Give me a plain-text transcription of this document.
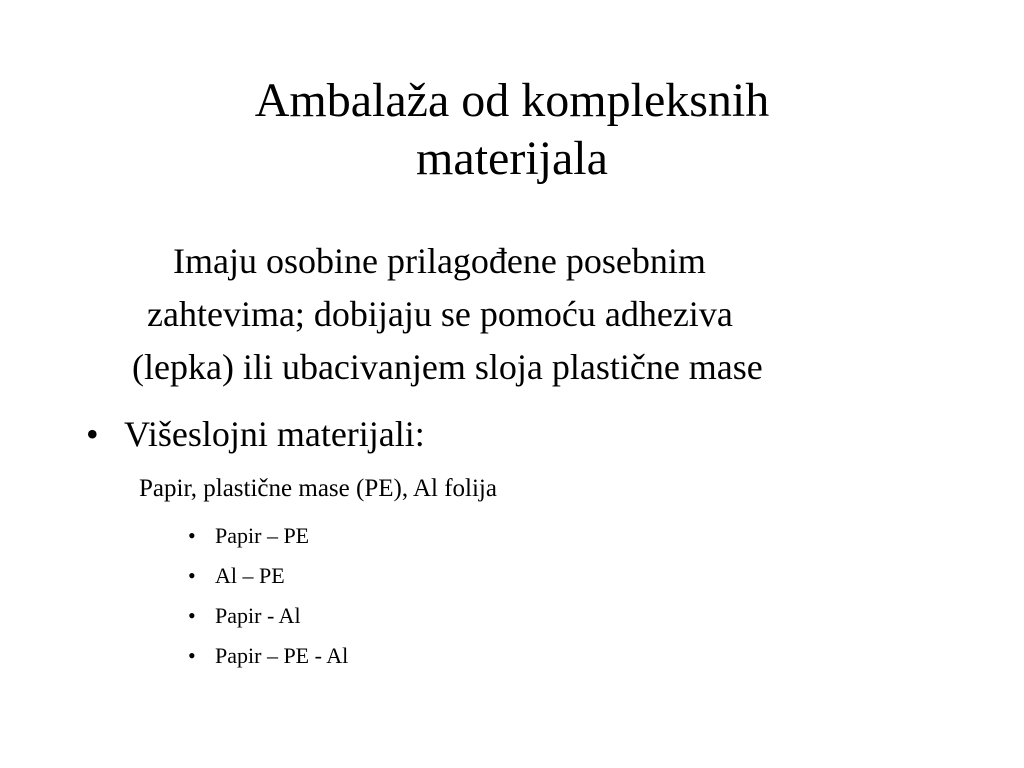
Ambalaža od kompleksnih
materijala
Imaju osobine prilagođene posebnim
zahtevima; dobijaju se pomoću adheziva
(lepka) ili ubacivanjem sloja plastične mase
• Višeslojni materijali:
Papir, plastične mase (PE), Al folija
• Papir – PE
• Al – PE
• Papir - Al
• Papir – PE - Al
